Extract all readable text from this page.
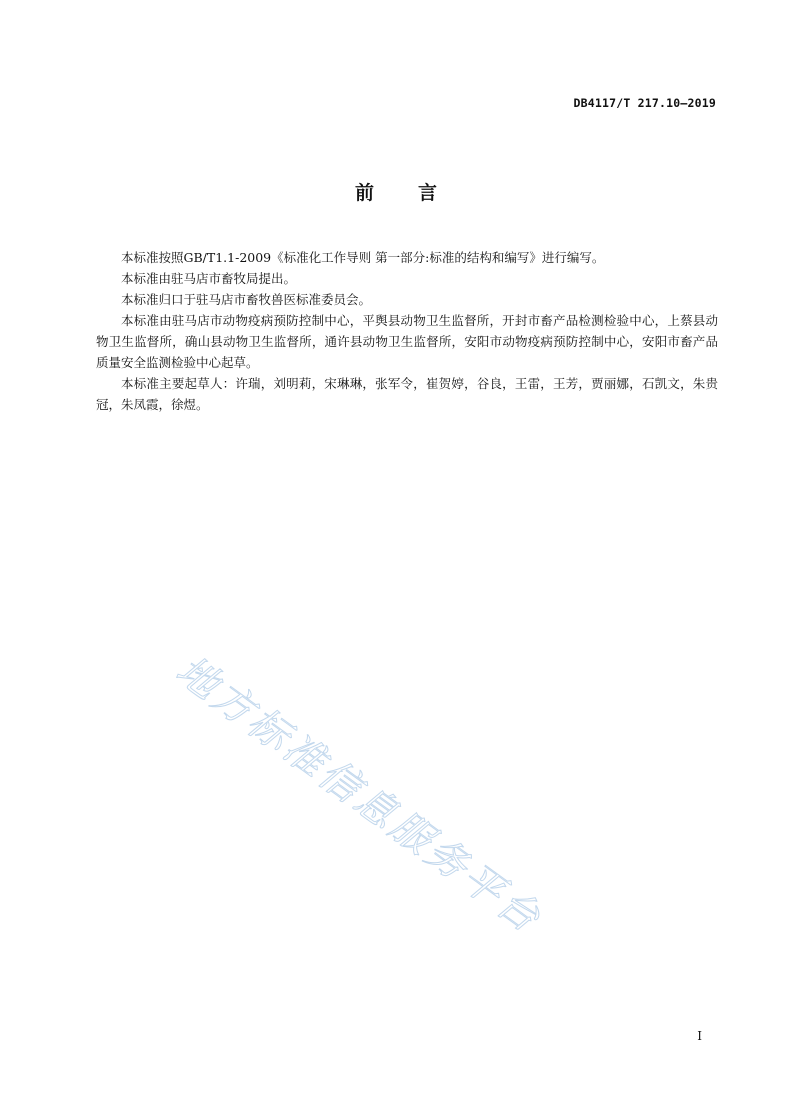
DB4117/T 217.10—2019
前言

本标准按照GB/T1.1-2009《标准化工作导则 第一部分:标准的结构和编写》进行编写。

本标准由驻马店市畜牧局提出。

本标准归口于驻马店市畜牧兽医标准委员会。

本标准由驻马店市动物疫病预防控制中心，平舆县动物卫生监督所，开封市畜产品检测检验中心，上蔡县动物卫生监督所，确山县动物卫生监督所，通许县动物卫生监督所，安阳市动物疫病预防控制中心，安阳市畜产品质量安全监测检验中心起草。

本标准主要起草人：许瑞，刘明莉，宋琳琳，张军令，崔贺婷，谷良，王雷，王芳，贾丽娜，石凯文，朱贵冠，朱凤霞，徐煜。

地方标准信息服务平台
I
